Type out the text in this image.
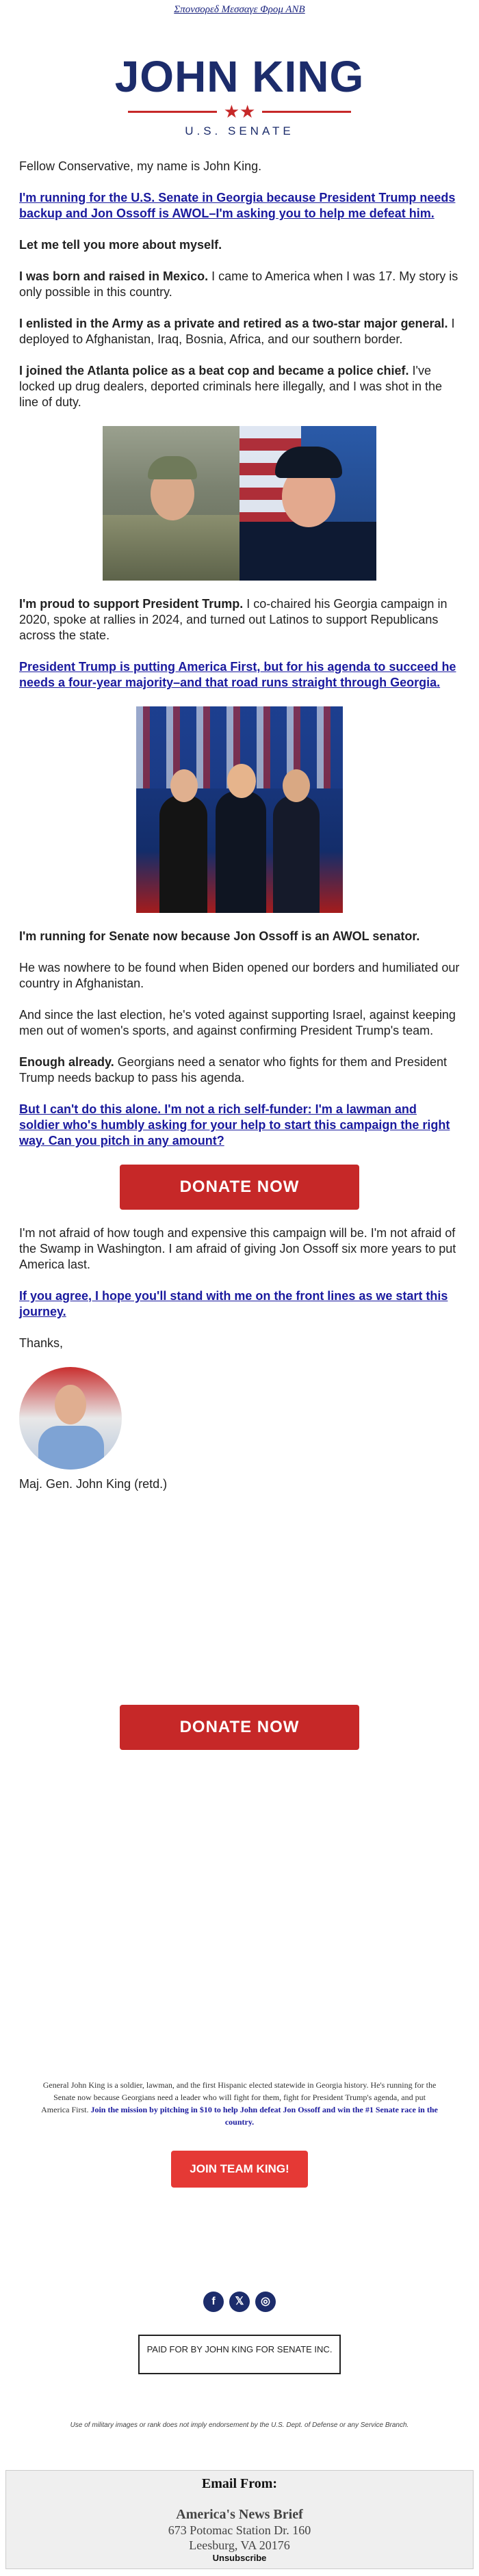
Σπονσορεδ Μεσσαγε Φρομ ΑΝΒ
JOHN KING
★★
U.S. SENATE

Fellow Conservative, my name is John King.

I'm running for the U.S. Senate in Georgia because President Trump needs backup and Jon Ossoff is AWOL–I'm asking you to help me defeat him.

Let me tell you more about myself.

I was born and raised in Mexico. I came to America when I was 17. My story is only possible in this country.

I enlisted in the Army as a private and retired as a two-star major general. I deployed to Afghanistan, Iraq, Bosnia, Africa, and our southern border.

I joined the Atlanta police as a beat cop and became a police chief. I've locked up drug dealers, deported criminals here illegally, and I was shot in the line of duty.

I'm proud to support President Trump. I co-chaired his Georgia campaign in 2020, spoke at rallies in 2024, and turned out Latinos to support Republicans across the state.

President Trump is putting America First, but for his agenda to succeed he needs a four-year majority–and that road runs straight through Georgia.

I'm running for Senate now because Jon Ossoff is an AWOL senator.

He was nowhere to be found when Biden opened our borders and humiliated our country in Afghanistan.

And since the last election, he's voted against supporting Israel, against keeping men out of women's sports, and against confirming President Trump's team.

Enough already. Georgians need a senator who fights for them and President Trump needs backup to pass his agenda.

But I can't do this alone. I'm not a rich self-funder: I'm a lawman and soldier who's humbly asking for your help to start this campaign the right way. Can you pitch in any amount?

DONATE NOW

I'm not afraid of how tough and expensive this campaign will be. I'm not afraid of the Swamp in Washington. I am afraid of giving Jon Ossoff six more years to put America last.

If you agree, I hope you'll stand with me on the front lines as we start this journey.

Thanks,

Maj. Gen. John King (retd.)

DONATE NOW
General John King is a soldier, lawman, and the first Hispanic elected statewide in Georgia history. He's running for the Senate now because Georgians need a leader who will fight for them, fight for President Trump's agenda, and put America First. Join the mission by pitching in $10 to help John defeat Jon Ossoff and win the #1 Senate race in the country.
JOIN TEAM KING!
f	𝕏	◎
PAID FOR BY JOHN KING FOR SENATE INC.
Use of military images or rank does not imply endorsement by the U.S. Dept. of Defense or any Service Branch.
Email From:
America's News Brief
673 Potomac Station Dr. 160
Leesburg, VA 20176
Unsubscribe
